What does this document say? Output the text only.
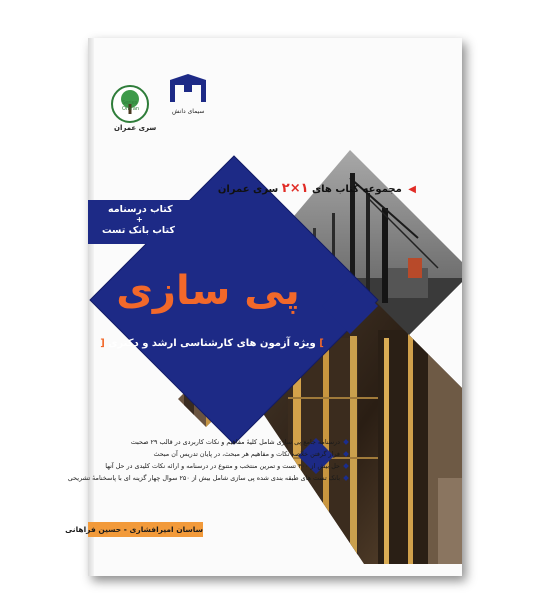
سیمای دانش
Series
Omran
سری عمران
◀ مجموعه کتاب های ۱×۲ سری عمران
کتاب درسنامه
+
کتاب بانک تست
پی سازی
] ویژه آزمون های کارشناسی ارشد و دکتری [
درسنامه جامع پی سازی شامل کلیهٔ مفاهیم و نکات کاربردی در قالب ۲۹ صحبت
فرار گرفتن خلاصه نکات و مفاهیم هر مبحث، در پایان تدریس آن مبحث
حل بیش از ۴۰۰ تست و تمرین منتخب و متنوع در درسنامه و ارائه نکات کلیدی در حل آنها
بانک تست های طبقه بندی شده پی سازی شامل بیش از ۲۵۰ سوال چهار گزینه ای با پاسخنامهٔ تشریحی
ساسان امیرافشاری - حسین فراهانی
